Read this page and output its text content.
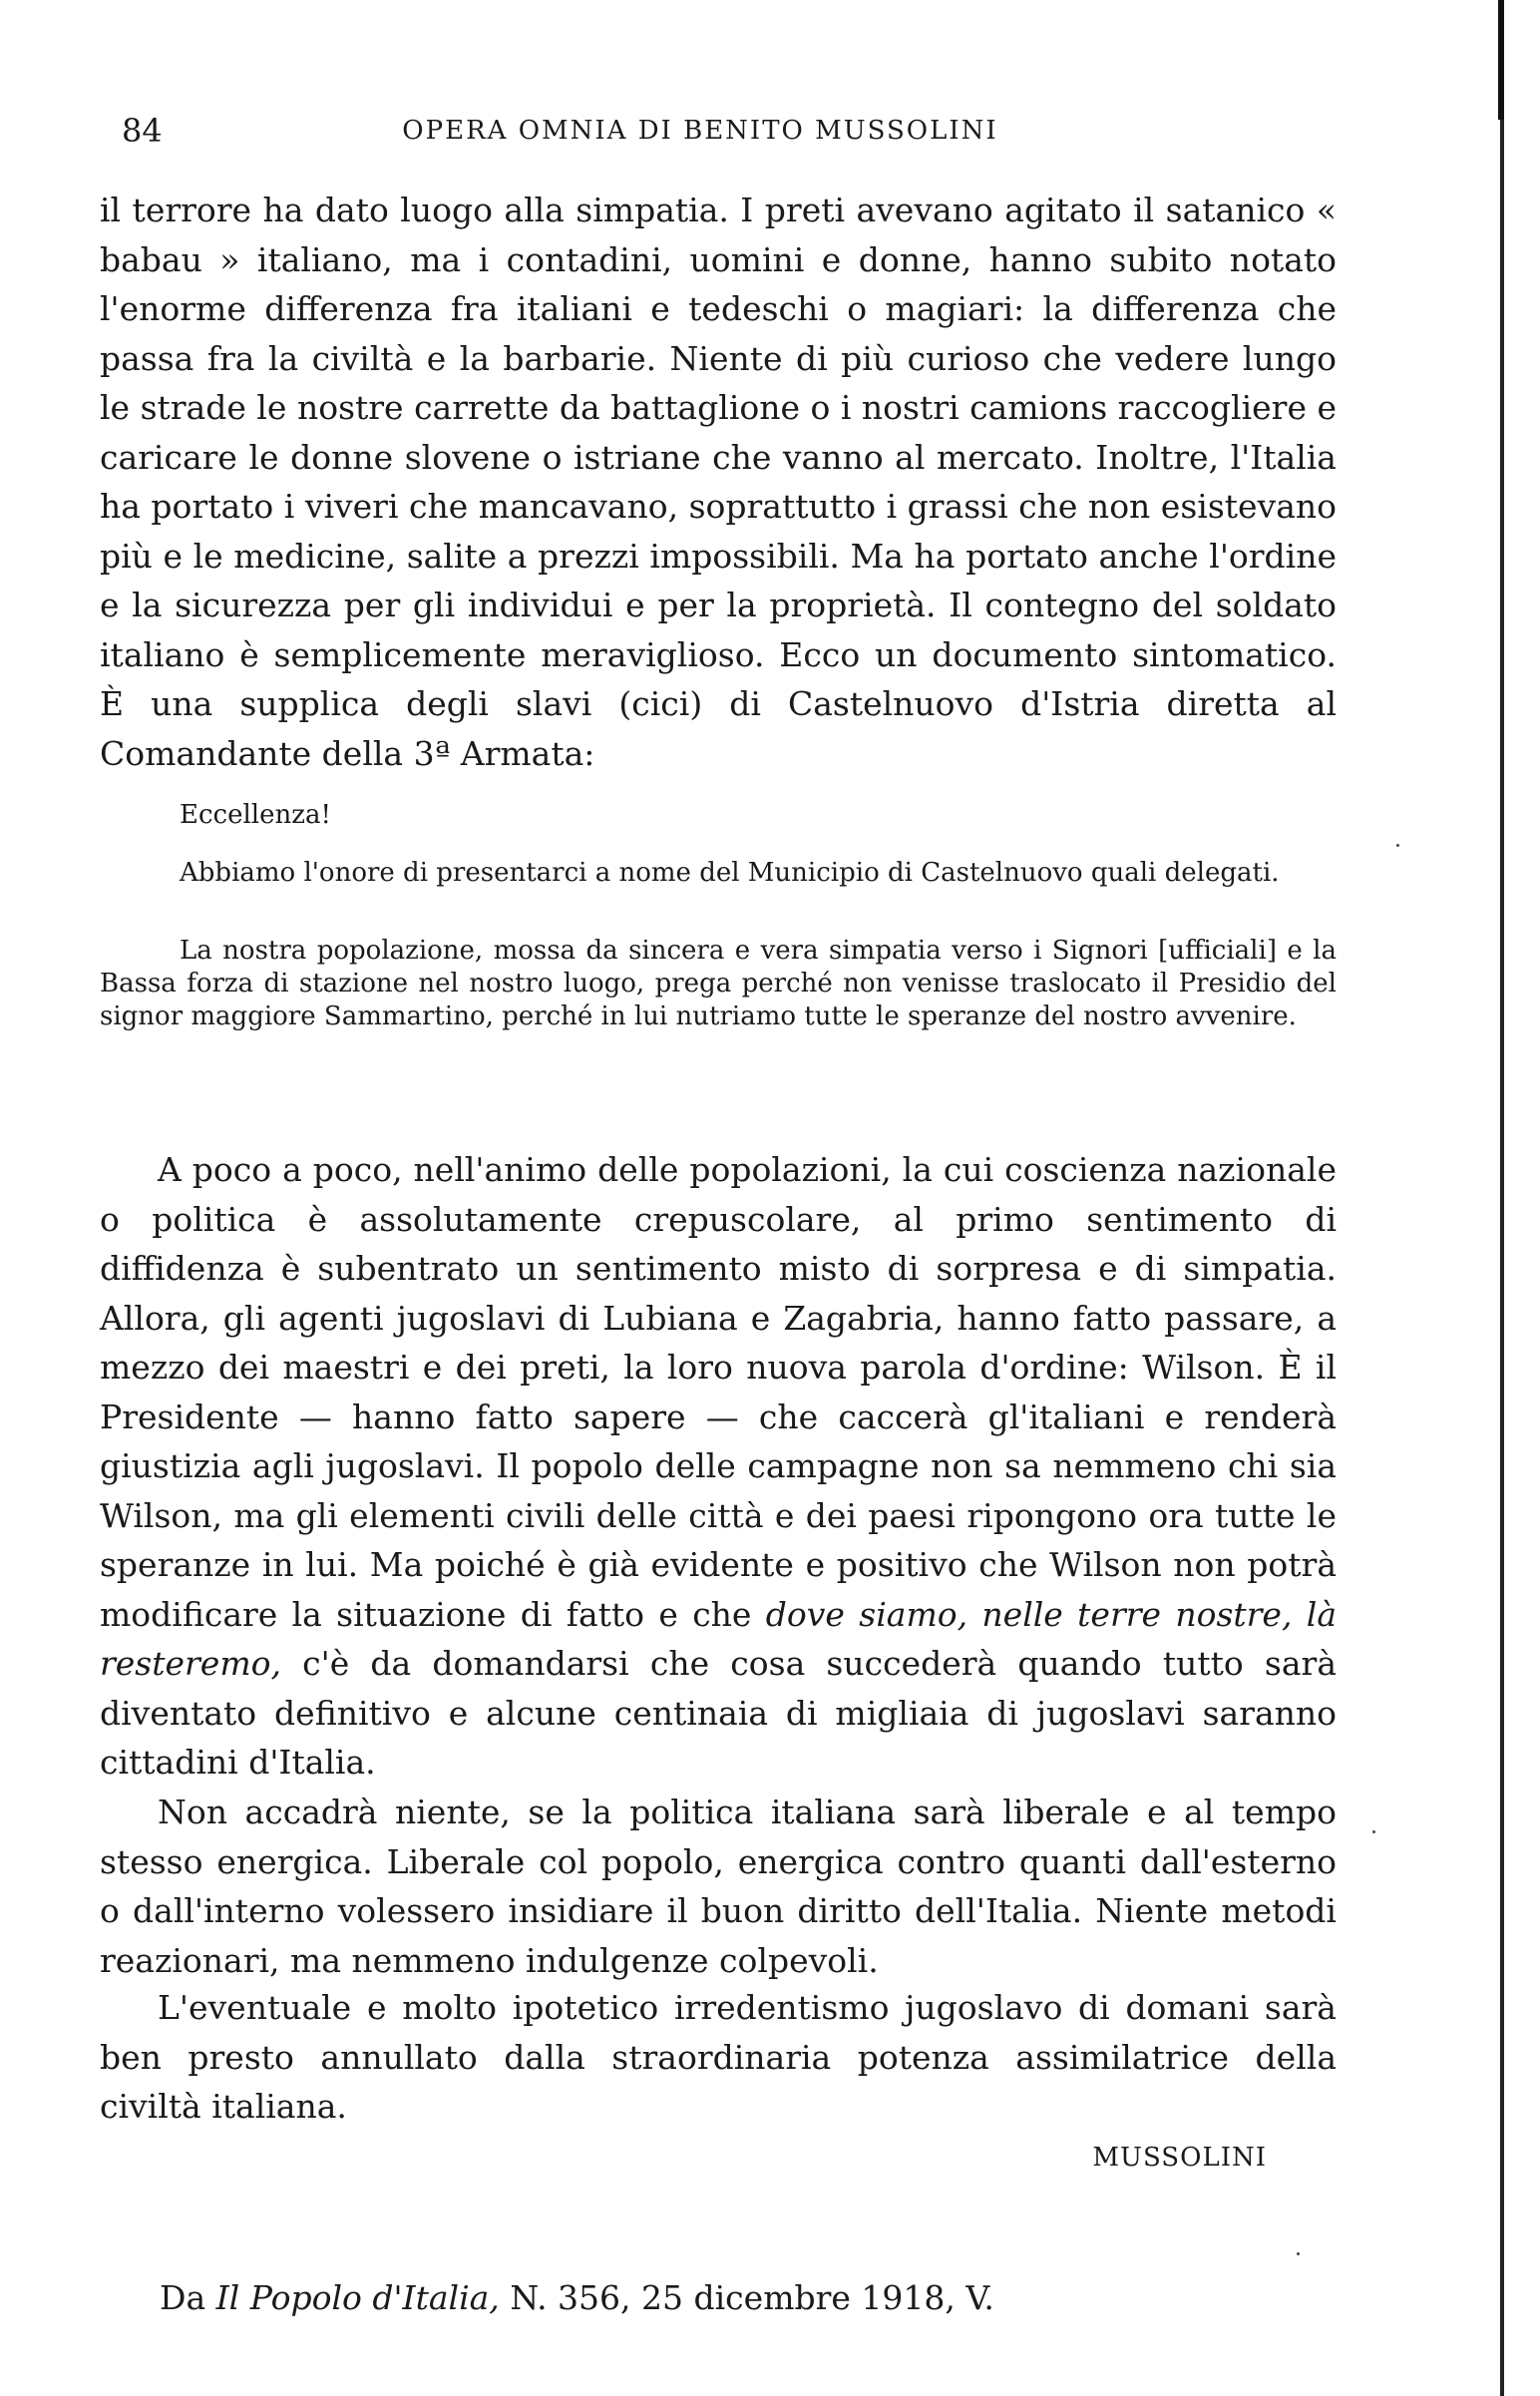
84	OPERA OMNIA DI BENITO MUSSOLINI

il terrore ha dato luogo alla simpatia. I preti avevano agitato il satanico « babau » italiano, ma i contadini, uomini e donne, hanno subito notato l'enorme differenza fra italiani e tedeschi o magiari: la differenza che passa fra la civiltà e la barbarie. Niente di più curioso che vedere lungo le strade le nostre carrette da battaglione o i nostri camions raccogliere e caricare le donne slovene o istriane che vanno al mercato. Inoltre, l'Italia ha portato i viveri che mancavano, soprattutto i grassi che non esistevano più e le medicine, salite a prezzi impossibili. Ma ha portato anche l'ordine e la sicurezza per gli individui e per la proprietà. Il contegno del soldato italiano è semplicemente meraviglioso. Ecco un documento sintomatico. È una supplica degli slavi (cici) di Castelnuovo d'Istria diretta al Comandante della 3ª Armata:

Eccellenza!

Abbiamo l'onore di presentarci a nome del Municipio di Castelnuovo quali delegati.

La nostra popolazione, mossa da sincera e vera simpatia verso i Signori [ufficiali] e la Bassa forza di stazione nel nostro luogo, prega perché non venisse traslocato il Presidio del signor maggiore Sammartino, perché in lui nutriamo tutte le speranze del nostro avvenire.

A poco a poco, nell'animo delle popolazioni, la cui coscienza nazionale o politica è assolutamente crepuscolare, al primo sentimento di diffidenza è subentrato un sentimento misto di sorpresa e di simpatia. Allora, gli agenti jugoslavi di Lubiana e Zagabria, hanno fatto passare, a mezzo dei maestri e dei preti, la loro nuova parola d'ordine: Wilson. È il Presidente — hanno fatto sapere — che caccerà gl'italiani e renderà giustizia agli jugoslavi. Il popolo delle campagne non sa nemmeno chi sia Wilson, ma gli elementi civili delle città e dei paesi ripongono ora tutte le speranze in lui. Ma poiché è già evidente e positivo che Wilson non potrà modificare la situazione di fatto e che dove siamo, nelle terre nostre, là resteremo, c'è da domandarsi che cosa succederà quando tutto sarà diventato definitivo e alcune centinaia di migliaia di jugoslavi saranno cittadini d'Italia.

Non accadrà niente, se la politica italiana sarà liberale e al tempo stesso energica. Liberale col popolo, energica contro quanti dall'esterno o dall'interno volessero insidiare il buon diritto dell'Italia. Niente metodi reazionari, ma nemmeno indulgenze colpevoli.

L'eventuale e molto ipotetico irredentismo jugoslavo di domani sarà ben presto annullato dalla straordinaria potenza assimilatrice della civiltà italiana.

MUSSOLINI
Da Il Popolo d'Italia, N. 356, 25 dicembre 1918, V.
